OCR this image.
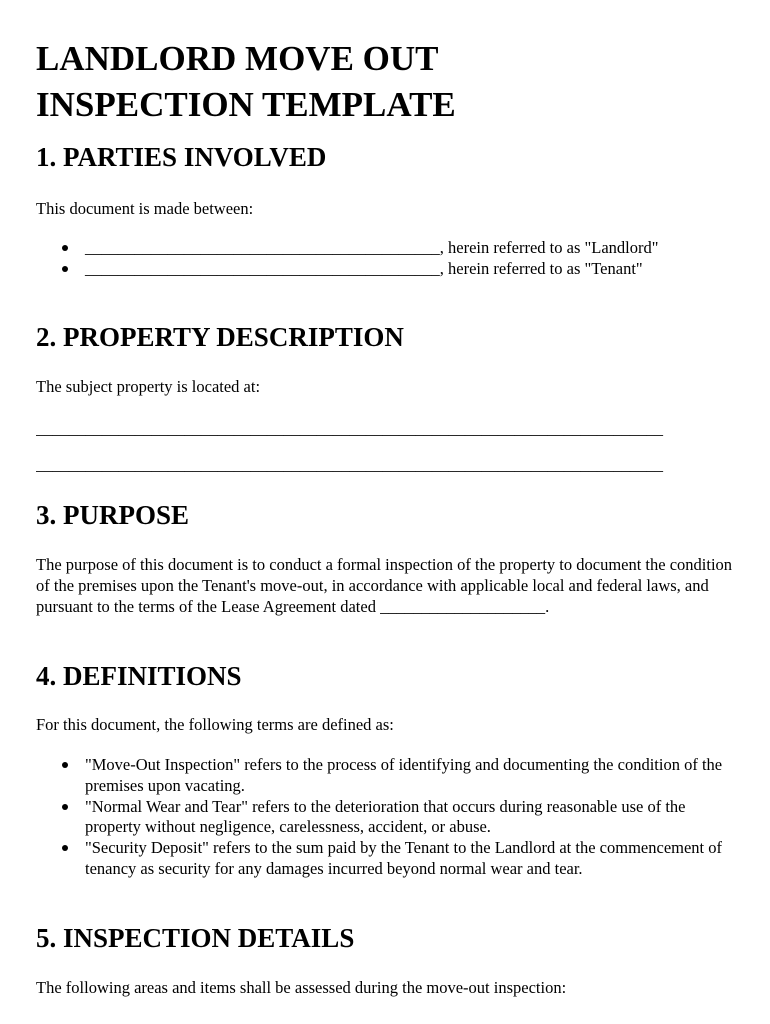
LANDLORD MOVE OUT
INSPECTION TEMPLATE
1. PARTIES INVOLVED

This document is made between:

___________________________________________, herein referred to as "Landlord"
___________________________________________, herein referred to as "Tenant"
2. PROPERTY DESCRIPTION

The subject property is located at:

____________________________________________________________________________
____________________________________________________________________________
3. PURPOSE

The purpose of this document is to conduct a formal inspection of the property to document the condition of the premises upon the Tenant's move-out, in accordance with applicable local and federal laws, and pursuant to the terms of the Lease Agreement dated ____________________.

4. DEFINITIONS

For this document, the following terms are defined as:

"Move-Out Inspection" refers to the process of identifying and documenting the condition of the premises upon vacating.
"Normal Wear and Tear" refers to the deterioration that occurs during reasonable use of the property without negligence, carelessness, accident, or abuse.
"Security Deposit" refers to the sum paid by the Tenant to the Landlord at the commencement of tenancy as security for any damages incurred beyond normal wear and tear.
5. INSPECTION DETAILS

The following areas and items shall be assessed during the move-out inspection:
